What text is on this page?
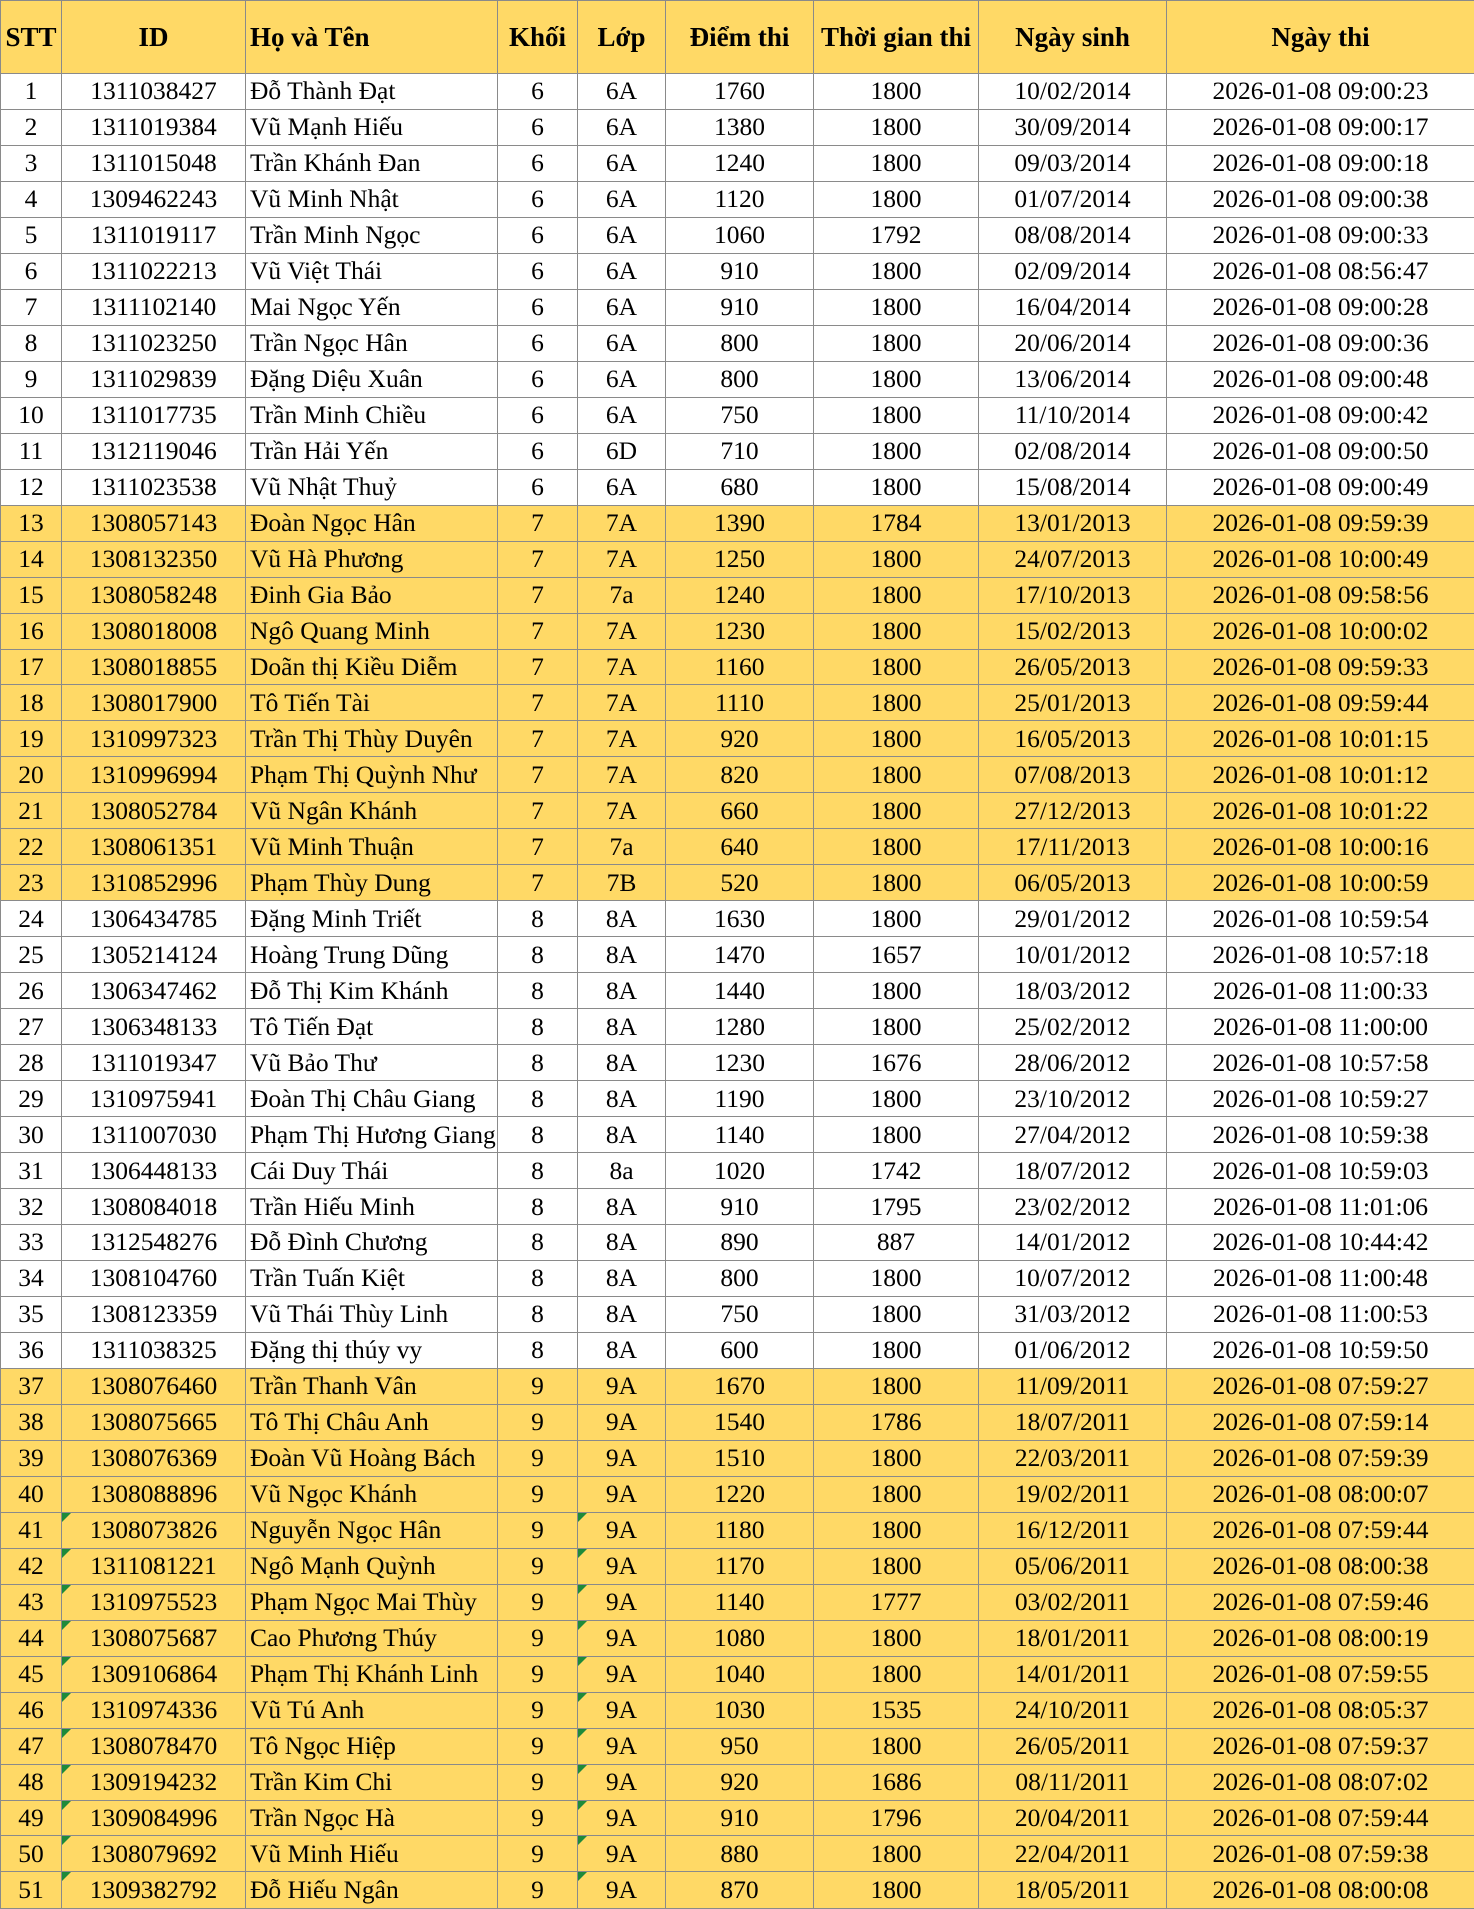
STT	ID	Họ và Tên	Khối	Lớp	Điểm thi	Thời gian thi	Ngày sinh	Ngày thi
1	1311038427	Đỗ Thành Đạt	6	6A	1760	1800	10/02/2014	2026-01-08 09:00:23
2	1311019384	Vũ Mạnh Hiếu	6	6A	1380	1800	30/09/2014	2026-01-08 09:00:17
3	1311015048	Trần Khánh Đan	6	6A	1240	1800	09/03/2014	2026-01-08 09:00:18
4	1309462243	Vũ Minh Nhật	6	6A	1120	1800	01/07/2014	2026-01-08 09:00:38
5	1311019117	Trần Minh Ngọc	6	6A	1060	1792	08/08/2014	2026-01-08 09:00:33
6	1311022213	Vũ Việt Thái	6	6A	910	1800	02/09/2014	2026-01-08 08:56:47
7	1311102140	Mai Ngọc Yến	6	6A	910	1800	16/04/2014	2026-01-08 09:00:28
8	1311023250	Trần Ngọc Hân	6	6A	800	1800	20/06/2014	2026-01-08 09:00:36
9	1311029839	Đặng Diệu Xuân	6	6A	800	1800	13/06/2014	2026-01-08 09:00:48
10	1311017735	Trần Minh Chiều	6	6A	750	1800	11/10/2014	2026-01-08 09:00:42
11	1312119046	Trần Hải Yến	6	6D	710	1800	02/08/2014	2026-01-08 09:00:50
12	1311023538	Vũ Nhật Thuỷ	6	6A	680	1800	15/08/2014	2026-01-08 09:00:49
13	1308057143	Đoàn Ngọc Hân	7	7A	1390	1784	13/01/2013	2026-01-08 09:59:39
14	1308132350	Vũ Hà Phương	7	7A	1250	1800	24/07/2013	2026-01-08 10:00:49
15	1308058248	Đinh Gia Bảo	7	7a	1240	1800	17/10/2013	2026-01-08 09:58:56
16	1308018008	Ngô Quang Minh	7	7A	1230	1800	15/02/2013	2026-01-08 10:00:02
17	1308018855	Doãn thị Kiều Diễm	7	7A	1160	1800	26/05/2013	2026-01-08 09:59:33
18	1308017900	Tô Tiến Tài	7	7A	1110	1800	25/01/2013	2026-01-08 09:59:44
19	1310997323	Trần Thị Thùy Duyên	7	7A	920	1800	16/05/2013	2026-01-08 10:01:15
20	1310996994	Phạm Thị Quỳnh Như	7	7A	820	1800	07/08/2013	2026-01-08 10:01:12
21	1308052784	Vũ Ngân Khánh	7	7A	660	1800	27/12/2013	2026-01-08 10:01:22
22	1308061351	Vũ Minh Thuận	7	7a	640	1800	17/11/2013	2026-01-08 10:00:16
23	1310852996	Phạm Thùy Dung	7	7B	520	1800	06/05/2013	2026-01-08 10:00:59
24	1306434785	Đặng Minh Triết	8	8A	1630	1800	29/01/2012	2026-01-08 10:59:54
25	1305214124	Hoàng Trung Dũng	8	8A	1470	1657	10/01/2012	2026-01-08 10:57:18
26	1306347462	Đỗ Thị Kim Khánh	8	8A	1440	1800	18/03/2012	2026-01-08 11:00:33
27	1306348133	Tô Tiến Đạt	8	8A	1280	1800	25/02/2012	2026-01-08 11:00:00
28	1311019347	Vũ Bảo Thư	8	8A	1230	1676	28/06/2012	2026-01-08 10:57:58
29	1310975941	Đoàn Thị Châu Giang	8	8A	1190	1800	23/10/2012	2026-01-08 10:59:27
30	1311007030	Phạm Thị Hương Giang	8	8A	1140	1800	27/04/2012	2026-01-08 10:59:38
31	1306448133	Cái Duy Thái	8	8a	1020	1742	18/07/2012	2026-01-08 10:59:03
32	1308084018	Trần Hiếu Minh	8	8A	910	1795	23/02/2012	2026-01-08 11:01:06
33	1312548276	Đỗ Đình Chương	8	8A	890	887	14/01/2012	2026-01-08 10:44:42
34	1308104760	Trần Tuấn Kiệt	8	8A	800	1800	10/07/2012	2026-01-08 11:00:48
35	1308123359	Vũ Thái Thùy Linh	8	8A	750	1800	31/03/2012	2026-01-08 11:00:53
36	1311038325	Đặng thị thúy vy	8	8A	600	1800	01/06/2012	2026-01-08 10:59:50
37	1308076460	Trần Thanh Vân	9	9A	1670	1800	11/09/2011	2026-01-08 07:59:27
38	1308075665	Tô Thị Châu Anh	9	9A	1540	1786	18/07/2011	2026-01-08 07:59:14
39	1308076369	Đoàn Vũ Hoàng Bách	9	9A	1510	1800	22/03/2011	2026-01-08 07:59:39
40	1308088896	Vũ Ngọc Khánh	9	9A	1220	1800	19/02/2011	2026-01-08 08:00:07
41	1308073826	Nguyễn Ngọc Hân	9	9A	1180	1800	16/12/2011	2026-01-08 07:59:44
42	1311081221	Ngô Mạnh Quỳnh	9	9A	1170	1800	05/06/2011	2026-01-08 08:00:38
43	1310975523	Phạm Ngọc Mai Thùy	9	9A	1140	1777	03/02/2011	2026-01-08 07:59:46
44	1308075687	Cao Phương Thúy	9	9A	1080	1800	18/01/2011	2026-01-08 08:00:19
45	1309106864	Phạm Thị Khánh Linh	9	9A	1040	1800	14/01/2011	2026-01-08 07:59:55
46	1310974336	Vũ Tú Anh	9	9A	1030	1535	24/10/2011	2026-01-08 08:05:37
47	1308078470	Tô Ngọc Hiệp	9	9A	950	1800	26/05/2011	2026-01-08 07:59:37
48	1309194232	Trần Kim Chi	9	9A	920	1686	08/11/2011	2026-01-08 08:07:02
49	1309084996	Trần Ngọc Hà	9	9A	910	1796	20/04/2011	2026-01-08 07:59:44
50	1308079692	Vũ Minh Hiếu	9	9A	880	1800	22/04/2011	2026-01-08 07:59:38
51	1309382792	Đỗ Hiếu Ngân	9	9A	870	1800	18/05/2011	2026-01-08 08:00:08
